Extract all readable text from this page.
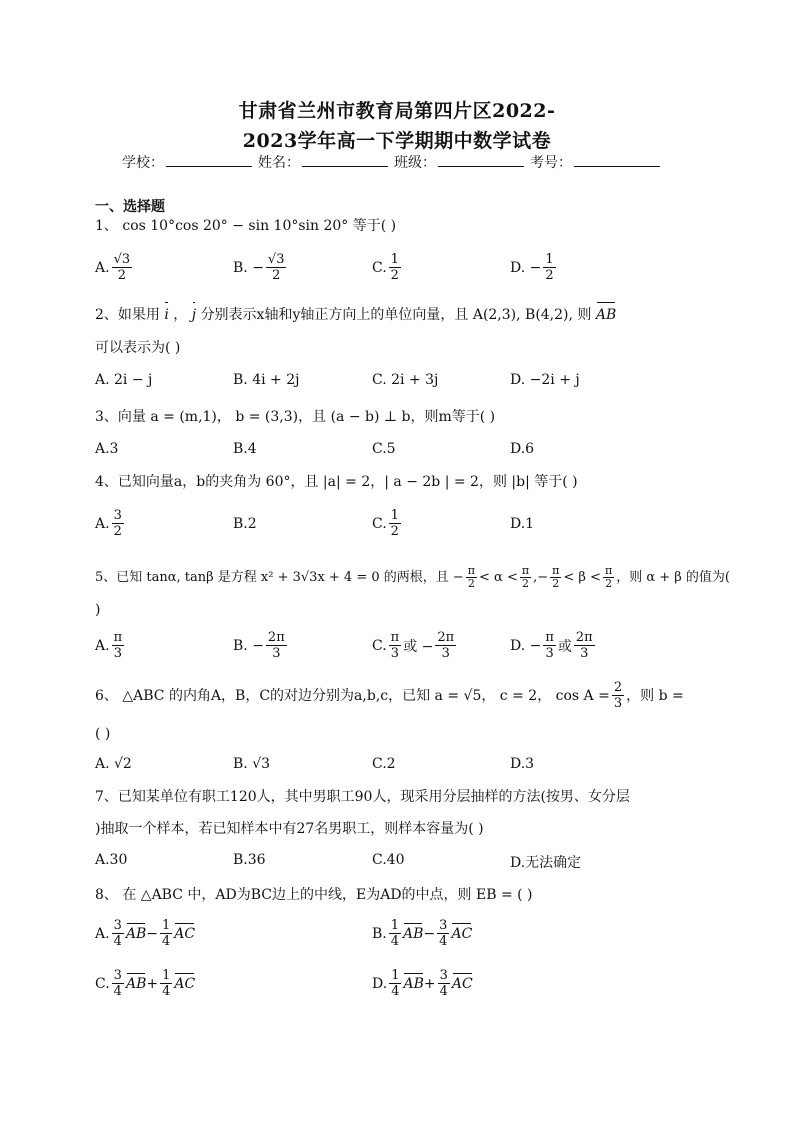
甘肃省兰州市教育局第四片区2022-
2023学年高一下学期期中数学试卷
学校：	姓名：	班级：	考号：
一、选择题
1、 cos 10°cos 20° − sin 10°sin 20° 等于( )
A. $\frac{√3}{2}$	B. − $\frac{√3}{2}$	C. $\frac{1}{2}$	D. − $\frac{1}{2}$
2、如果用 i ， j 分别表示x轴和y轴正方向上的单位向量，且 A(2,3), B(4,2), 则 AB
可以表示为( )
A. 2i − j	B. 4i + 2j	C. 2i + 3j	D. −2i + j
3、向量 a = (m,1)， b = (3,3)，且 (a − b) ⊥ b，则m等于( )
A.3	B.4	C.5	D.6
4、已知向量a，b的夹角为 60°，且 |a| = 2，| a − 2b | = 2，则 |b| 等于( )
A. $\frac{3}{2}$	B.2	C. $\frac{1}{2}$	D.1
5、已知 tanα, tanβ 是方程 x² + 3√3x + 4 = 0 的两根，且 − $\frac{\pi}{2} < \alpha < \frac{\pi}{2}$ ,− $\frac{\pi}{2} < \beta < \frac{\pi}{2}$ ，则 α + β 的值为(
)
A. $\frac{\pi}{3}$	B. − $\frac{2\pi}{3}$	C. $\frac{\pi}{3}$ 或 − $\frac{2\pi}{3}$	D. − $\frac{\pi}{3}$ 或 $\frac{2\pi}{3}$
6、 △ABC 的内角A，B，C的对边分别为a,b,c，已知 a = √5， c = 2， $\cos A = \frac{2}{3}$ ，则 b =
( )
A. √2	B. √3	C.2	D.3
7、已知某单位有职工120人，其中男职工90人，现采用分层抽样的方法(按男、女分层
)抽取一个样本，若已知样本中有27名男职工，则样本容量为( )
A.30	B.36	C.40	D.无法确定
8、 在 △ABC 中，AD为BC边上的中线，E为AD的中点，则 EB = ( )
A. $\frac{3}{4}$ AB − $\frac{1}{4}$ AC	B. $\frac{1}{4}$ AB − $\frac{3}{4}$ AC
C. $\frac{3}{4}$ AB + $\frac{1}{4}$ AC	D. $\frac{1}{4}$ AB + $\frac{3}{4}$ AC
